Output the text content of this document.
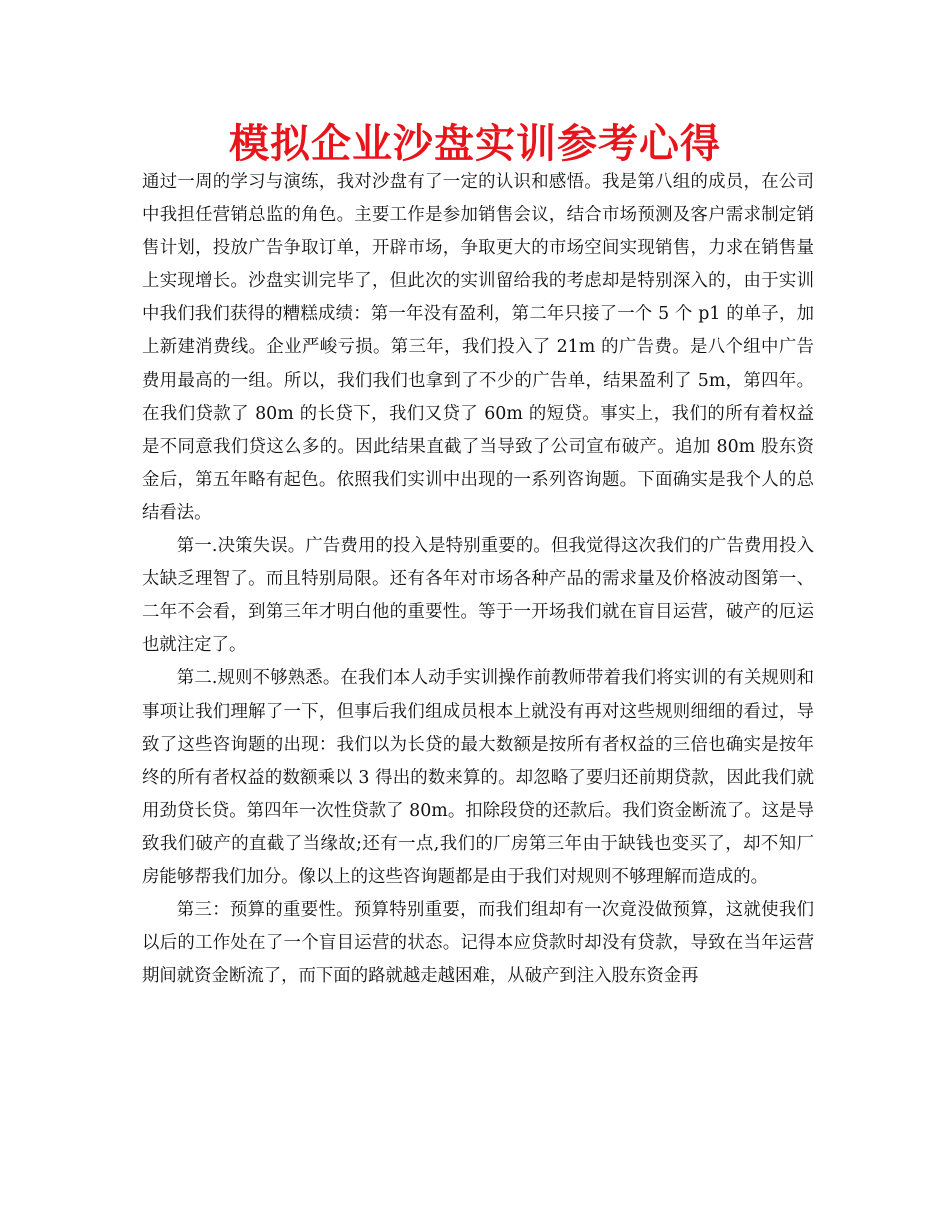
模拟企业沙盘实训参考心得

通过一周的学习与演练，我对沙盘有了一定的认识和感悟。我是第八组的成员，在公司中我担任营销总监的角色。主要工作是参加销售会议，结合市场预测及客户需求制定销售计划，投放广告争取订单，开辟市场，争取更大的市场空间实现销售，力求在销售量上实现增长。沙盘实训完毕了，但此次的实训留给我的考虑却是特别深入的，由于实训中我们我们获得的糟糕成绩：第一年没有盈利，第二年只接了一个 5 个 p1 的单子，加上新建消费线。企业严峻亏损。第三年，我们投入了 21m 的广告费。是八个组中广告费用最高的一组。所以，我们我们也拿到了不少的广告单，结果盈利了 5m，第四年。在我们贷款了 80m 的长贷下，我们又贷了 60m 的短贷。事实上，我们的所有着权益是不同意我们贷这么多的。因此结果直截了当导致了公司宣布破产。追加 80m 股东资金后，第五年略有起色。依照我们实训中出现的一系列咨询题。下面确实是我个人的总结看法。

第一.决策失误。广告费用的投入是特别重要的。但我觉得这次我们的广告费用投入太缺乏理智了。而且特别局限。还有各年对市场各种产品的需求量及价格波动图第一、二年不会看，到第三年才明白他的重要性。等于一开场我们就在盲目运营，破产的厄运也就注定了。

第二.规则不够熟悉。在我们本人动手实训操作前教师带着我们将实训的有关规则和事项让我们理解了一下，但事后我们组成员根本上就没有再对这些规则细细的看过，导致了这些咨询题的出现：我们以为长贷的最大数额是按所有者权益的三倍也确实是按年终的所有者权益的数额乘以 3 得出的数来算的。却忽略了要归还前期贷款，因此我们就用劲贷长贷。第四年一次性贷款了 80m。扣除段贷的还款后。我们资金断流了。这是导致我们破产的直截了当缘故;还有一点,我们的厂房第三年由于缺钱也变买了，却不知厂房能够帮我们加分。像以上的这些咨询题都是由于我们对规则不够理解而造成的。

第三：预算的重要性。预算特别重要，而我们组却有一次竟没做预算，这就使我们以后的工作处在了一个盲目运营的状态。记得本应贷款时却没有贷款，导致在当年运营期间就资金断流了，而下面的路就越走越困难，从破产到注入股东资金再
